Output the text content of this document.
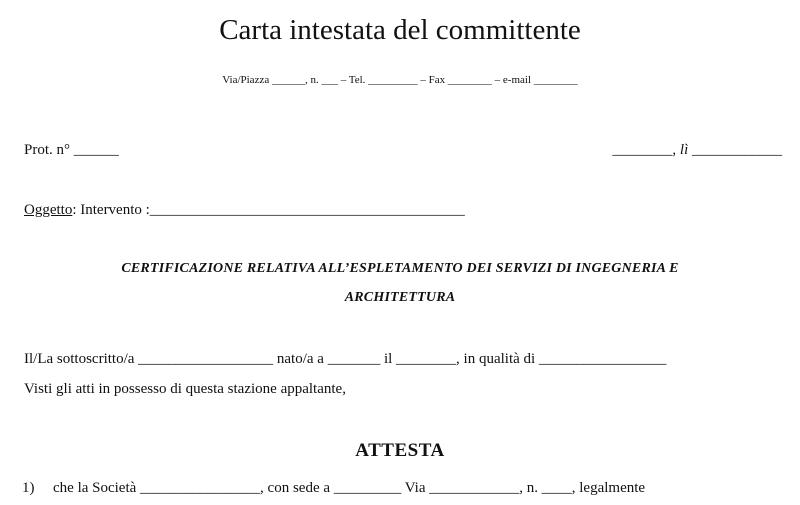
Carta intestata del committente
Via/Piazza ______, n. ___ – Tel. _________ – Fax ________ – e-mail ________
Prot. n° ______	________, lì ____________
Oggetto: Intervento :__________________________________________
CERTIFICAZIONE RELATIVA ALL’ESPLETAMENTO DEI SERVIZI DI INGEGNERIA E
ARCHITETTURA
Il/La sottoscritto/a __________________ nato/a a _______ il ________, in qualità di _________________
Visti gli atti in possesso di questa stazione appaltante,
ATTESTA
1) che la Società ________________, con sede a _________ Via ____________, n. ____, legalmente
